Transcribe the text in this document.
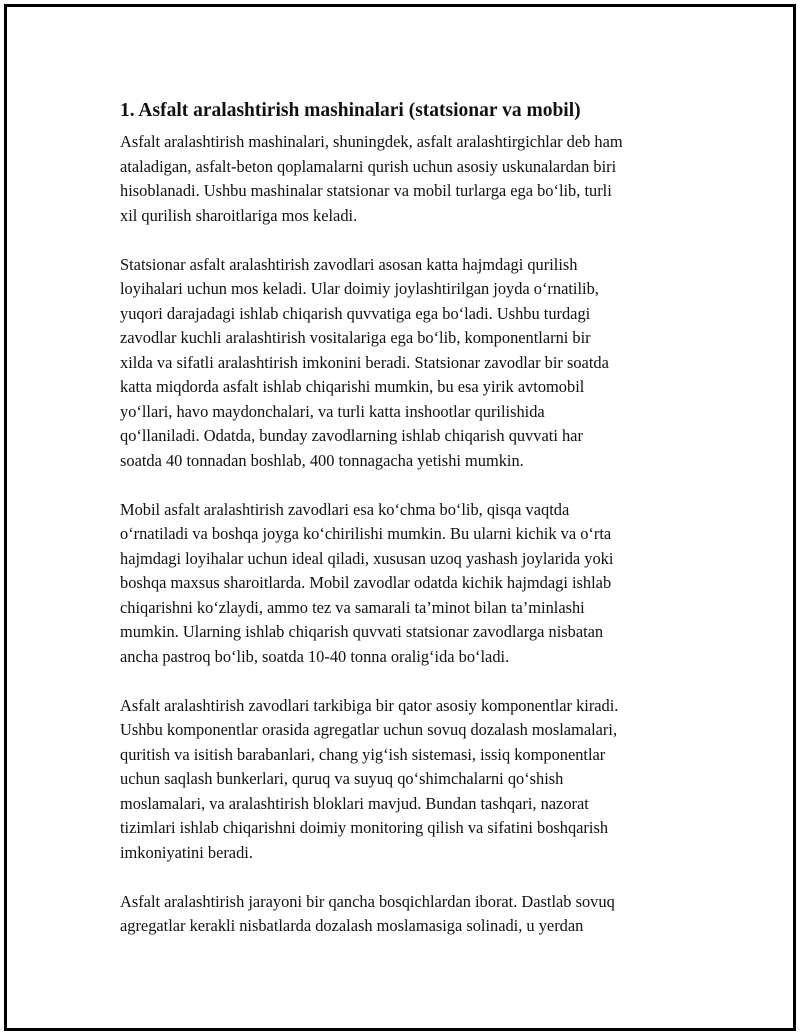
1. Asfalt aralashtirish mashinalari (statsionar va mobil)

Asfalt aralashtirish mashinalari, shuningdek, asfalt aralashtirgichlar deb ham
ataladigan, asfalt-beton qoplamalarni qurish uchun asosiy uskunalardan biri
hisoblanadi. Ushbu mashinalar statsionar va mobil turlarga ega bo‘lib, turli
xil qurilish sharoitlariga mos keladi.

Statsionar asfalt aralashtirish zavodlari asosan katta hajmdagi qurilish
loyihalari uchun mos keladi. Ular doimiy joylashtirilgan joyda o‘rnatilib,
yuqori darajadagi ishlab chiqarish quvvatiga ega bo‘ladi. Ushbu turdagi
zavodlar kuchli aralashtirish vositalariga ega bo‘lib, komponentlarni bir
xilda va sifatli aralashtirish imkonini beradi. Statsionar zavodlar bir soatda
katta miqdorda asfalt ishlab chiqarishi mumkin, bu esa yirik avtomobil
yo‘llari, havo maydonchalari, va turli katta inshootlar qurilishida
qo‘llaniladi. Odatda, bunday zavodlarning ishlab chiqarish quvvati har
soatda 40 tonnadan boshlab, 400 tonnagacha yetishi mumkin.

Mobil asfalt aralashtirish zavodlari esa ko‘chma bo‘lib, qisqa vaqtda
o‘rnatiladi va boshqa joyga ko‘chirilishi mumkin. Bu ularni kichik va o‘rta
hajmdagi loyihalar uchun ideal qiladi, xususan uzoq yashash joylarida yoki
boshqa maxsus sharoitlarda. Mobil zavodlar odatda kichik hajmdagi ishlab
chiqarishni ko‘zlaydi, ammo tez va samarali ta’minot bilan ta’minlashi
mumkin. Ularning ishlab chiqarish quvvati statsionar zavodlarga nisbatan
ancha pastroq bo‘lib, soatda 10-40 tonna oralig‘ida bo‘ladi.

Asfalt aralashtirish zavodlari tarkibiga bir qator asosiy komponentlar kiradi.
Ushbu komponentlar orasida agregatlar uchun sovuq dozalash moslamalari,
quritish va isitish barabanlari, chang yig‘ish sistemasi, issiq komponentlar
uchun saqlash bunkerlari, quruq va suyuq qo‘shimchalarni qo‘shish
moslamalari, va aralashtirish bloklari mavjud. Bundan tashqari, nazorat
tizimlari ishlab chiqarishni doimiy monitoring qilish va sifatini boshqarish
imkoniyatini beradi.

Asfalt aralashtirish jarayoni bir qancha bosqichlardan iborat. Dastlab sovuq
agregatlar kerakli nisbatlarda dozalash moslamasiga solinadi, u yerdan
